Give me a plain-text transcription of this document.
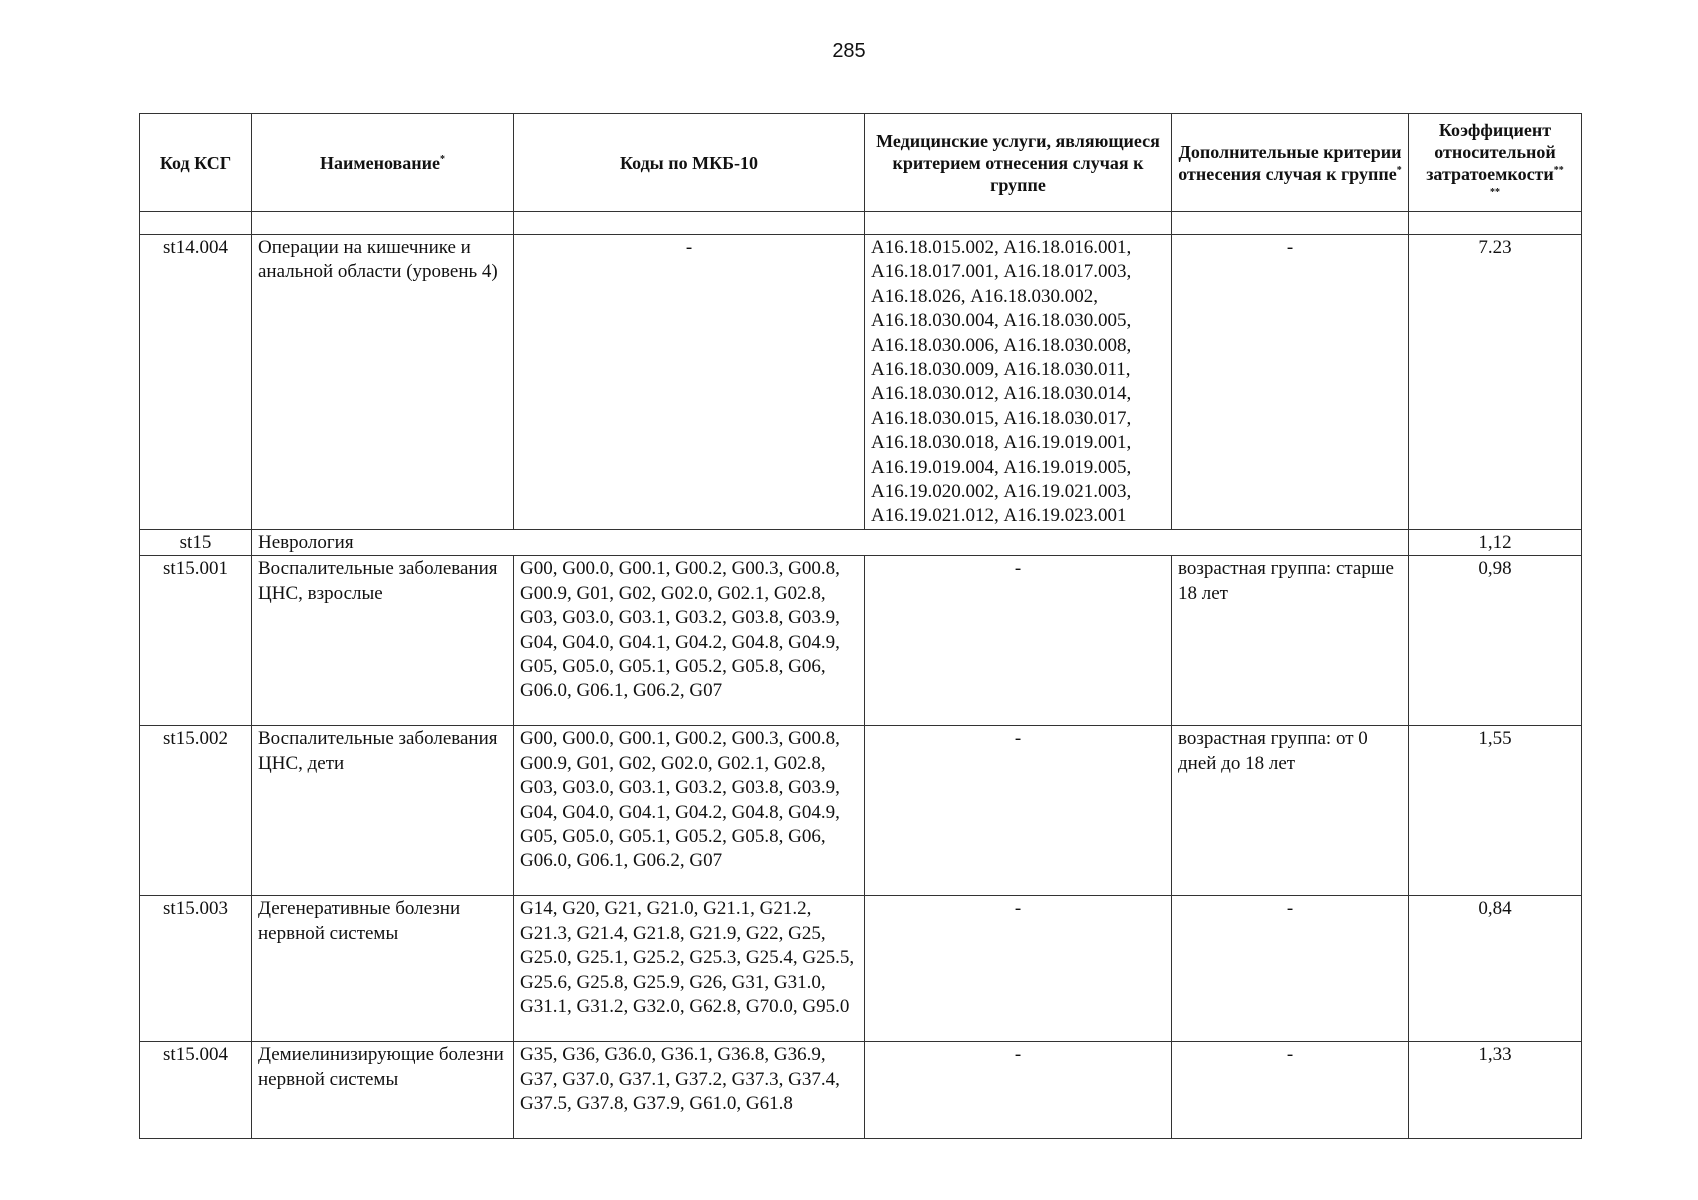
285
Код КСГ	Наименование*	Коды по МКБ-10	Медицинские услуги, являющиеся критерием отнесения случая к группе	Дополнительные критерии отнесения случая к группе*	Коэффициент относительной затратоемкости**
**

st14.004	Операции на кишечнике и анальной области (уровень 4)	-	А16.18.015.002, А16.18.016.001, А16.18.017.001, А16.18.017.003, А16.18.026, А16.18.030.002, А16.18.030.004, А16.18.030.005, А16.18.030.006, А16.18.030.008, А16.18.030.009, А16.18.030.011, А16.18.030.012, А16.18.030.014, А16.18.030.015, А16.18.030.017, А16.18.030.018, А16.19.019.001, А16.19.019.004, А16.19.019.005, А16.19.020.002, А16.19.021.003, А16.19.021.012, А16.19.023.001	-	7.23
st15	Неврология				1,12
st15.001	Воспалительные заболевания ЦНС, взрослые	G00, G00.0, G00.1, G00.2, G00.3, G00.8, G00.9, G01, G02, G02.0, G02.1, G02.8, G03, G03.0, G03.1, G03.2, G03.8, G03.9, G04, G04.0, G04.1, G04.2, G04.8, G04.9, G05, G05.0, G05.1, G05.2, G05.8, G06, G06.0, G06.1, G06.2, G07	-	возрастная группа: старше 18 лет	0,98
st15.002	Воспалительные заболевания ЦНС, дети	G00, G00.0, G00.1, G00.2, G00.3, G00.8, G00.9, G01, G02, G02.0, G02.1, G02.8, G03, G03.0, G03.1, G03.2, G03.8, G03.9, G04, G04.0, G04.1, G04.2, G04.8, G04.9, G05, G05.0, G05.1, G05.2, G05.8, G06, G06.0, G06.1, G06.2, G07	-	возрастная группа: от 0 дней до 18 лет	1,55
st15.003	Дегенеративные болезни нервной системы	G14, G20, G21, G21.0, G21.1, G21.2, G21.3, G21.4, G21.8, G21.9, G22, G25, G25.0, G25.1, G25.2, G25.3, G25.4, G25.5, G25.6, G25.8, G25.9, G26, G31, G31.0, G31.1, G31.2, G32.0, G62.8, G70.0, G95.0	-	-	0,84
st15.004	Демиелинизирующие болезни нервной системы	G35, G36, G36.0, G36.1, G36.8, G36.9, G37, G37.0, G37.1, G37.2, G37.3, G37.4, G37.5, G37.8, G37.9, G61.0, G61.8	-	-	1,33
